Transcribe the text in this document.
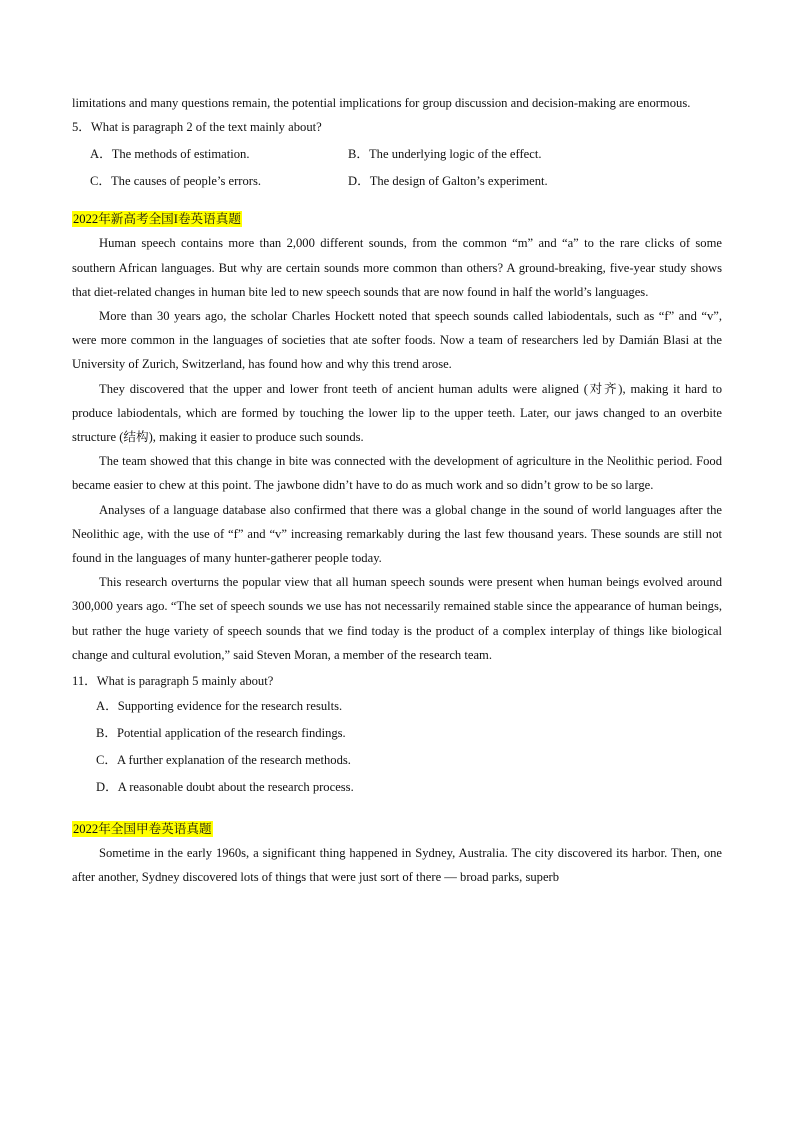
limitations and many questions remain, the potential implications for group discussion and decision-making are enormous.

5．What is paragraph 2 of the text mainly about?

A．The methods of estimation.	B．The underlying logic of the effect.
C．The causes of people’s errors.	D．The design of Galton’s experiment.
2022年新高考全国I卷英语真题

Human speech contains more than 2,000 different sounds, from the common “m” and “a” to the rare clicks of some southern African languages. But why are certain sounds more common than others? A ground-breaking, five-year study shows that diet-related changes in human bite led to new speech sounds that are now found in half the world’s languages.

More than 30 years ago, the scholar Charles Hockett noted that speech sounds called labiodentals, such as “f” and “v”, were more common in the languages of societies that ate softer foods. Now a team of researchers led by Damián Blasi at the University of Zurich, Switzerland, has found how and why this trend arose.

They discovered that the upper and lower front teeth of ancient human adults were aligned (对齐), making it hard to produce labiodentals, which are formed by touching the lower lip to the upper teeth. Later, our jaws changed to an overbite structure (结构), making it easier to produce such sounds.

The team showed that this change in bite was connected with the development of agriculture in the Neolithic period. Food became easier to chew at this point. The jawbone didn’t have to do as much work and so didn’t grow to be so large.

Analyses of a language database also confirmed that there was a global change in the sound of world languages after the Neolithic age, with the use of “f” and “v” increasing remarkably during the last few thousand years. These sounds are still not found in the languages of many hunter-gatherer people today.

This research overturns the popular view that all human speech sounds were present when human beings evolved around 300,000 years ago. “The set of speech sounds we use has not necessarily remained stable since the appearance of human beings, but rather the huge variety of speech sounds that we find today is the product of a complex interplay of things like biological change and cultural evolution,” said Steven Moran, a member of the research team.

11．What is paragraph 5 mainly about?

A．Supporting evidence for the research results.
B．Potential application of the research findings.
C．A further explanation of the research methods.
D．A reasonable doubt about the research process.
2022年全国甲卷英语真题

Sometime in the early 1960s, a significant thing happened in Sydney, Australia. The city discovered its harbor. Then, one after another, Sydney discovered lots of things that were just sort of there — broad parks, superb
